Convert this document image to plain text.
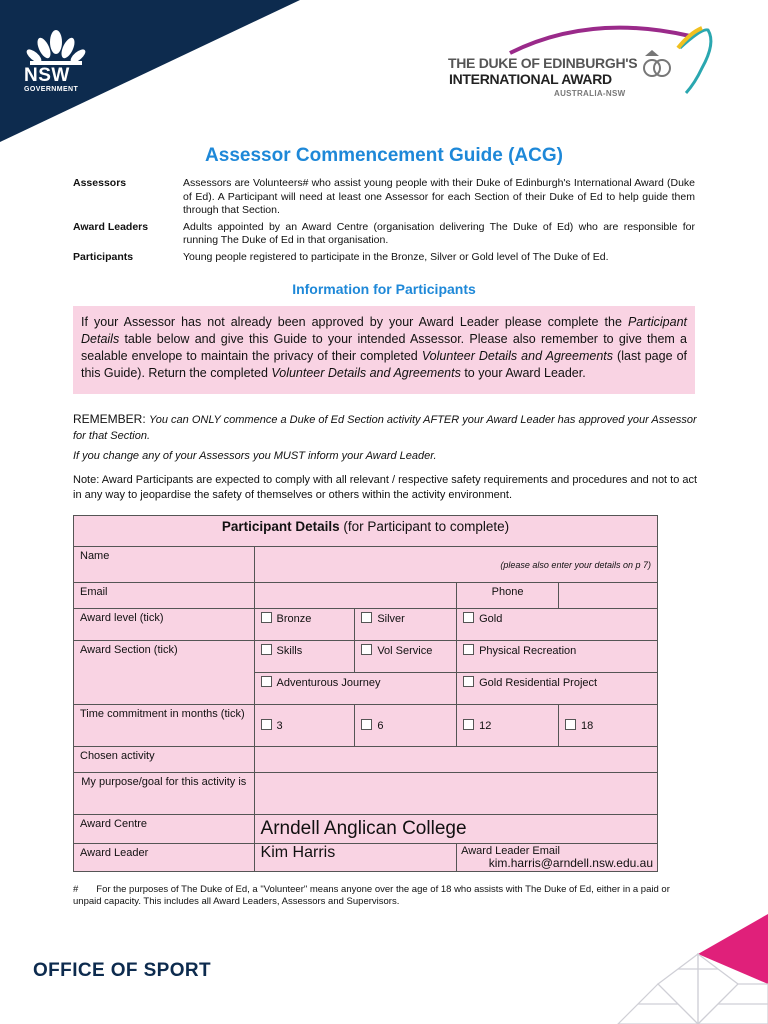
NSW
GOVERNMENT
THE DUKE OF EDINBURGH'S
INTERNATIONAL AWARD
AUSTRALIA-NSW
Assessor Commencement Guide (ACG)
Assessors	Assessors are Volunteers# who assist young people with their Duke of Edinburgh's International Award (Duke of Ed). A Participant will need at least one Assessor for each Section of their Duke of Ed to help guide them through that Section.
Award Leaders	Adults appointed by an Award Centre (organisation delivering The Duke of Ed) who are responsible for running The Duke of Ed in that organisation.
Participants	Young people registered to participate in the Bronze, Silver or Gold level of The Duke of Ed.
Information for Participants
If your Assessor has not already been approved by your Award Leader please complete the Participant Details table below and give this Guide to your intended Assessor. Please also remember to give them a sealable envelope to maintain the privacy of their completed Volunteer Details and Agreements (last page of this Guide). Return the completed Volunteer Details and Agreements to your Award Leader.
REMEMBER: You can ONLY commence a Duke of Ed Section activity AFTER your Award Leader has approved your Assessor for that Section.
If you change any of your Assessors you MUST inform your Award Leader.
Note: Award Participants are expected to comply with all relevant / respective safety requirements and procedures and not to act in any way to jeopardise the safety of themselves or others within the activity environment.
Participant Details (for Participant to complete)				
Name	(please also enter your details on p 7)			

Email			Phone	
Award level (tick)	Bronze	Silver	Gold	
Award Section (tick)	Skills	Vol Service	Physical Recreation	
	Adventurous Journey		Gold Residential Project	
Time commitment in months (tick)	3	6	12	18
Chosen activity				
My purpose/goal for this activity is				
Award Centre	Arndell Anglican College			
Award Leader	Kim Harris		Award Leader Email
kim.harris@arndell.nsw.edu.au	
# For the purposes of The Duke of Ed, a "Volunteer" means anyone over the age of 18 who assists with The Duke of Ed, either in a paid or unpaid capacity. This includes all Award Leaders, Assessors and Supervisors.
OFFICE OF SPORT
